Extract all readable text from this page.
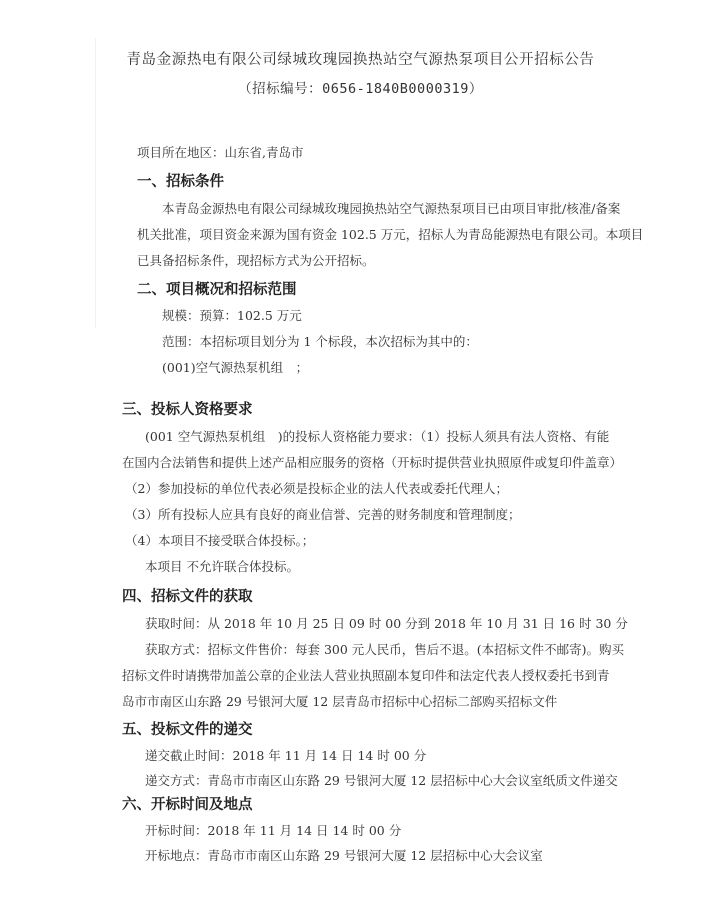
青岛金源热电有限公司绿城玫瑰园换热站空气源热泵项目公开招标公告
（招标编号：0656-1840B0000319）
项目所在地区：山东省,青岛市
一、招标条件
本青岛金源热电有限公司绿城玫瑰园换热站空气源热泵项目已由项目审批/核准/备案
机关批准，项目资金来源为国有资金 102.5 万元，招标人为青岛能源热电有限公司。本项目
已具备招标条件，现招标方式为公开招标。
二、项目概况和招标范围
规模：预算：102.5 万元
范围：本招标项目划分为 1 个标段，本次招标为其中的：
(001)空气源热泵机组　；
三、投标人资格要求
(001 空气源热泵机组　)的投标人资格能力要求：（1）投标人须具有法人资格、有能
在国内合法销售和提供上述产品相应服务的资格（开标时提供营业执照原件或复印件盖章）
（2）参加投标的单位代表必须是投标企业的法人代表或委托代理人；
（3）所有投标人应具有良好的商业信誉、完善的财务制度和管理制度；
（4）本项目不接受联合体投标。；
本项目 不允许联合体投标。
四、招标文件的获取
获取时间：从 2018 年 10 月 25 日 09 时 00 分到 2018 年 10 月 31 日 16 时 30 分
获取方式：招标文件售价：每套 300 元人民币，售后不退。(本招标文件不邮寄)。购买
招标文件时请携带加盖公章的企业法人营业执照副本复印件和法定代表人授权委托书到青
岛市市南区山东路 29 号银河大厦 12 层青岛市招标中心招标二部购买招标文件
五、投标文件的递交
递交截止时间：2018 年 11 月 14 日 14 时 00 分
递交方式：青岛市市南区山东路 29 号银河大厦 12 层招标中心大会议室纸质文件递交
六、开标时间及地点
开标时间：2018 年 11 月 14 日 14 时 00 分
开标地点：青岛市市南区山东路 29 号银河大厦 12 层招标中心大会议室
